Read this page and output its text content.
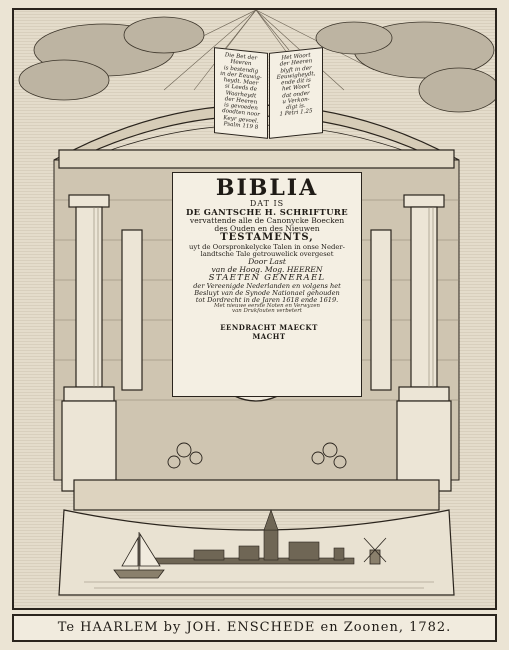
Die Bet der
Heeren
is bestendig
in der Eeuwig-
heydt. Maer
si Leeds de
Waarheydt
der Heeren
is gevoeden
doodten noor
Keyr gevoel.
Psalm 119 8
Het Woort
der Heeren
blyft in der
Eeuwigheydt,
ende dit is
het Woort
dat onder
u Verkon-
digt is.
1 Petri 1.25
BIBLIA
DAT IS
DE GANTSCHE H. SCHRIFTURE
vervattende alle de Canonycke Boecken
des Ouden en des Nieuwen
TESTAMENTS,
uyt de Oorspronkelycke Talen in onse Neder-
landtsche Tale getrouwelick overgeset
Door Last
van de Hoog. Mog. HEEREN
STAETEN GENERAEL
der Vereenigde Nederlanden en volgens het
Besluyt van de Synode Nationael gehouden
tot Dordrecht in de Jaren 1618 ende 1619.
Met nieuwe eerste Noten en Verwyzen
van Drukfouten verbetert
EENDRACHT MAECKT MACHT
Te HAARLEM by JOH. ENSCHEDE en Zoonen, 1782.
